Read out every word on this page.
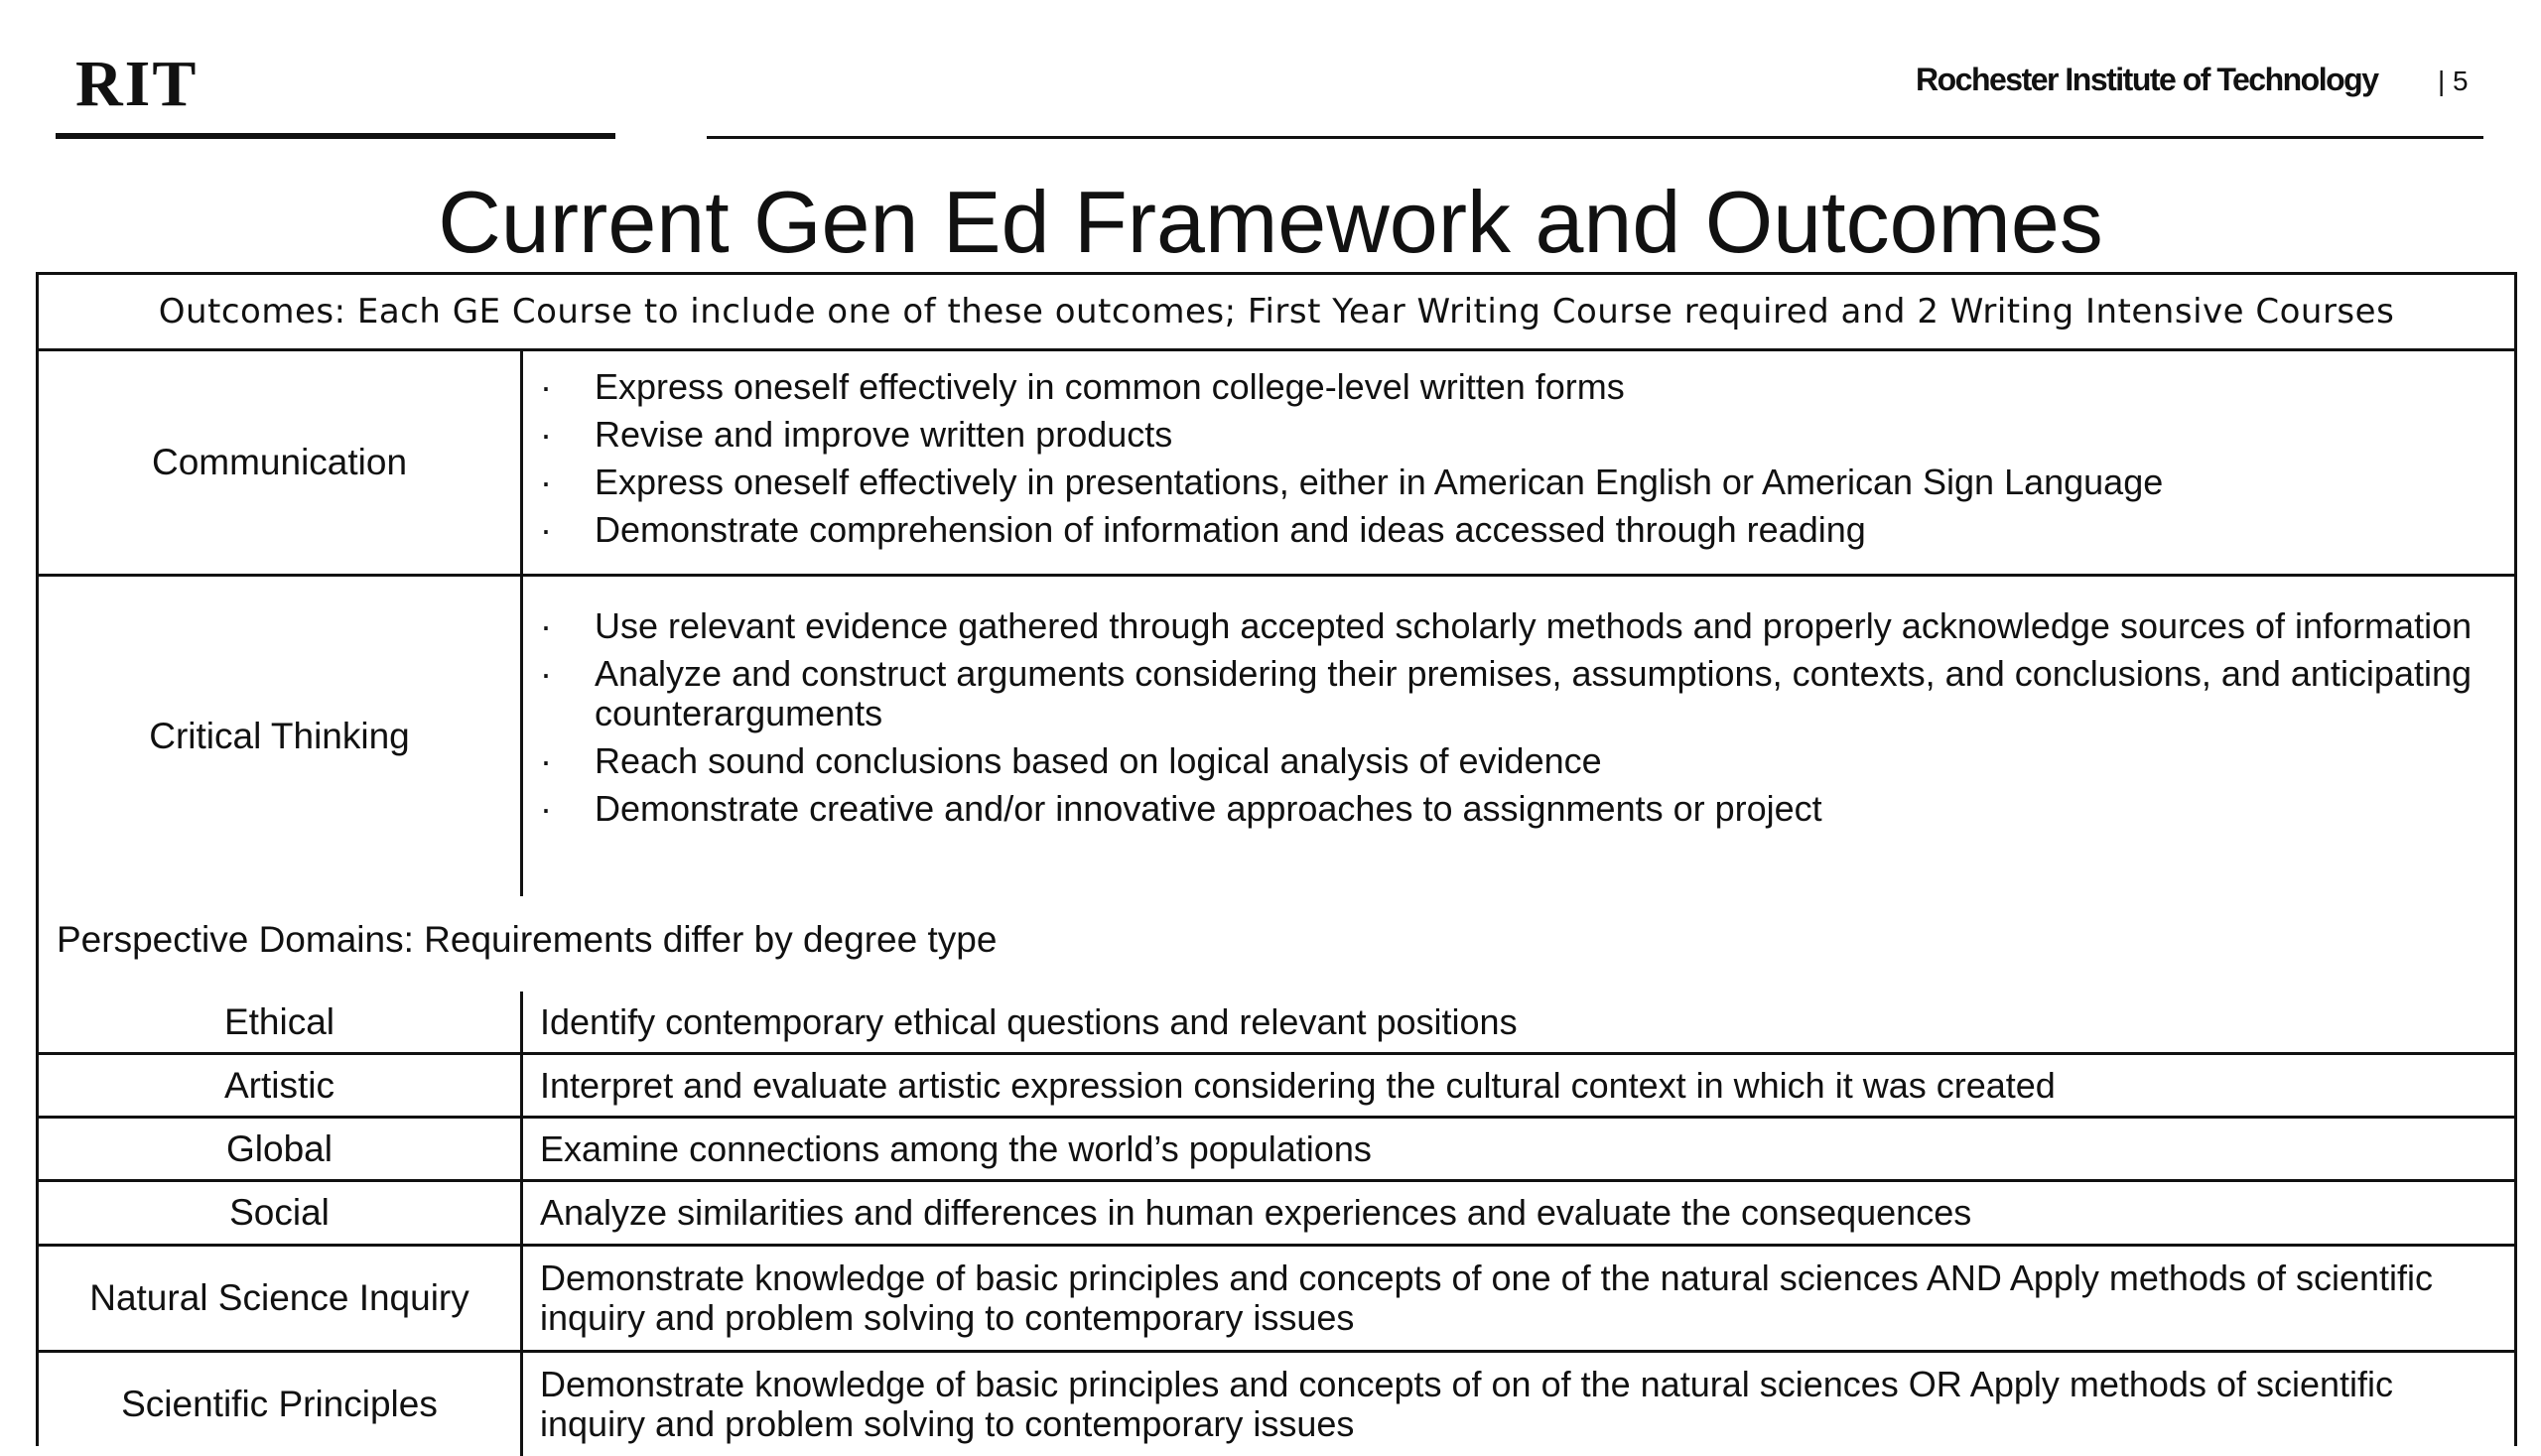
RIT	Rochester Institute of Technology | 5
Current Gen Ed Framework and Outcomes
Outcomes: Each GE Course to include one of these outcomes; First Year Writing Course required and 2 Writing Intensive Courses
Communication
·	Express oneself effectively in common college-level written forms
·	Revise and improve written products
·	Express oneself effectively in presentations, either in American English or American Sign Language
·	Demonstrate comprehension of information and ideas accessed through reading
Critical Thinking
·	Use relevant evidence gathered through accepted scholarly methods and properly acknowledge sources of information
·	Analyze and construct arguments considering their premises, assumptions, contexts, and conclusions, and anticipating counterarguments
·	Reach sound conclusions based on logical analysis of evidence
·	Demonstrate creative and/or innovative approaches to assignments or project
Perspective Domains: Requirements differ by degree type
Ethical	Identify contemporary ethical questions and relevant positions
Artistic	Interpret and evaluate artistic expression considering the cultural context in which it was created
Global	Examine connections among the world’s populations
Social	Analyze similarities and differences in human experiences and evaluate the consequences
Natural Science Inquiry	Demonstrate knowledge of basic principles and concepts of one of the natural sciences AND Apply methods of scientific inquiry and problem solving to contemporary issues
Scientific Principles	Demonstrate knowledge of basic principles and concepts of on of the natural sciences OR Apply methods of scientific inquiry and problem solving to contemporary issues
